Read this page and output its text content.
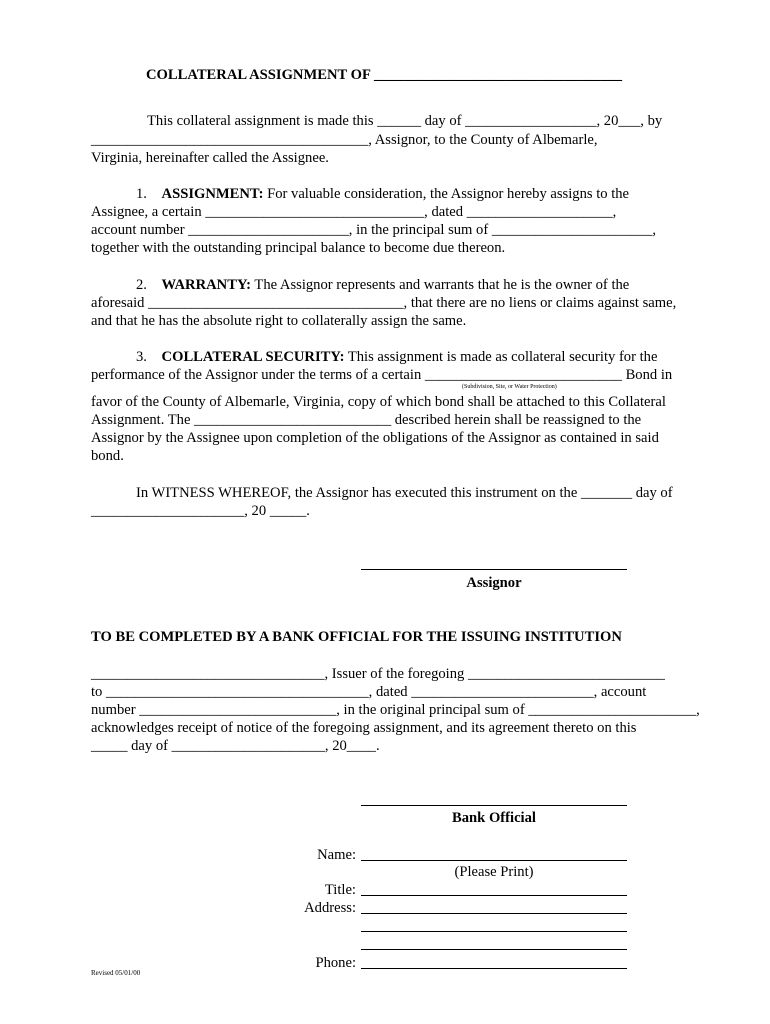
COLLATERAL ASSIGNMENT OF __________________________________
This collateral assignment is made this ______ day of __________________, 20___, by
______________________________________, Assignor, to the County of Albemarle,
Virginia, hereinafter called the Assignee.
1. ASSIGNMENT: For valuable consideration, the Assignor hereby assigns to the
Assignee, a certain ______________________________, dated ____________________,
account number ______________________, in the principal sum of ______________________,
together with the outstanding principal balance to become due thereon.
2. WARRANTY: The Assignor represents and warrants that he is the owner of the
aforesaid ___________________________________, that there are no liens or claims against same,
and that he has the absolute right to collaterally assign the same.
3. COLLATERAL SECURITY: This assignment is made as collateral security for the
performance of the Assignor under the terms of a certain ___________________________ Bond in
(Subdivision, Site, or Water Protection)
favor of the County of Albemarle, Virginia, copy of which bond shall be attached to this Collateral
Assignment. The ___________________________ described herein shall be reassigned to the
Assignor by the Assignee upon completion of the obligations of the Assignor as contained in said
bond.
In WITNESS WHEREOF, the Assignor has executed this instrument on the _______ day of
_____________________, 20 _____.
Assignor
TO BE COMPLETED BY A BANK OFFICIAL FOR THE ISSUING INSTITUTION
________________________________, Issuer of the foregoing ___________________________
to ____________________________________, dated _________________________, account
number ___________________________, in the original principal sum of _______________________,
acknowledges receipt of notice of the foregoing assignment, and its agreement thereto on this
_____ day of _____________________, 20____.
Bank Official
Name:
(Please Print)
Title:
Address:
Phone:
Revised 05/01/00
